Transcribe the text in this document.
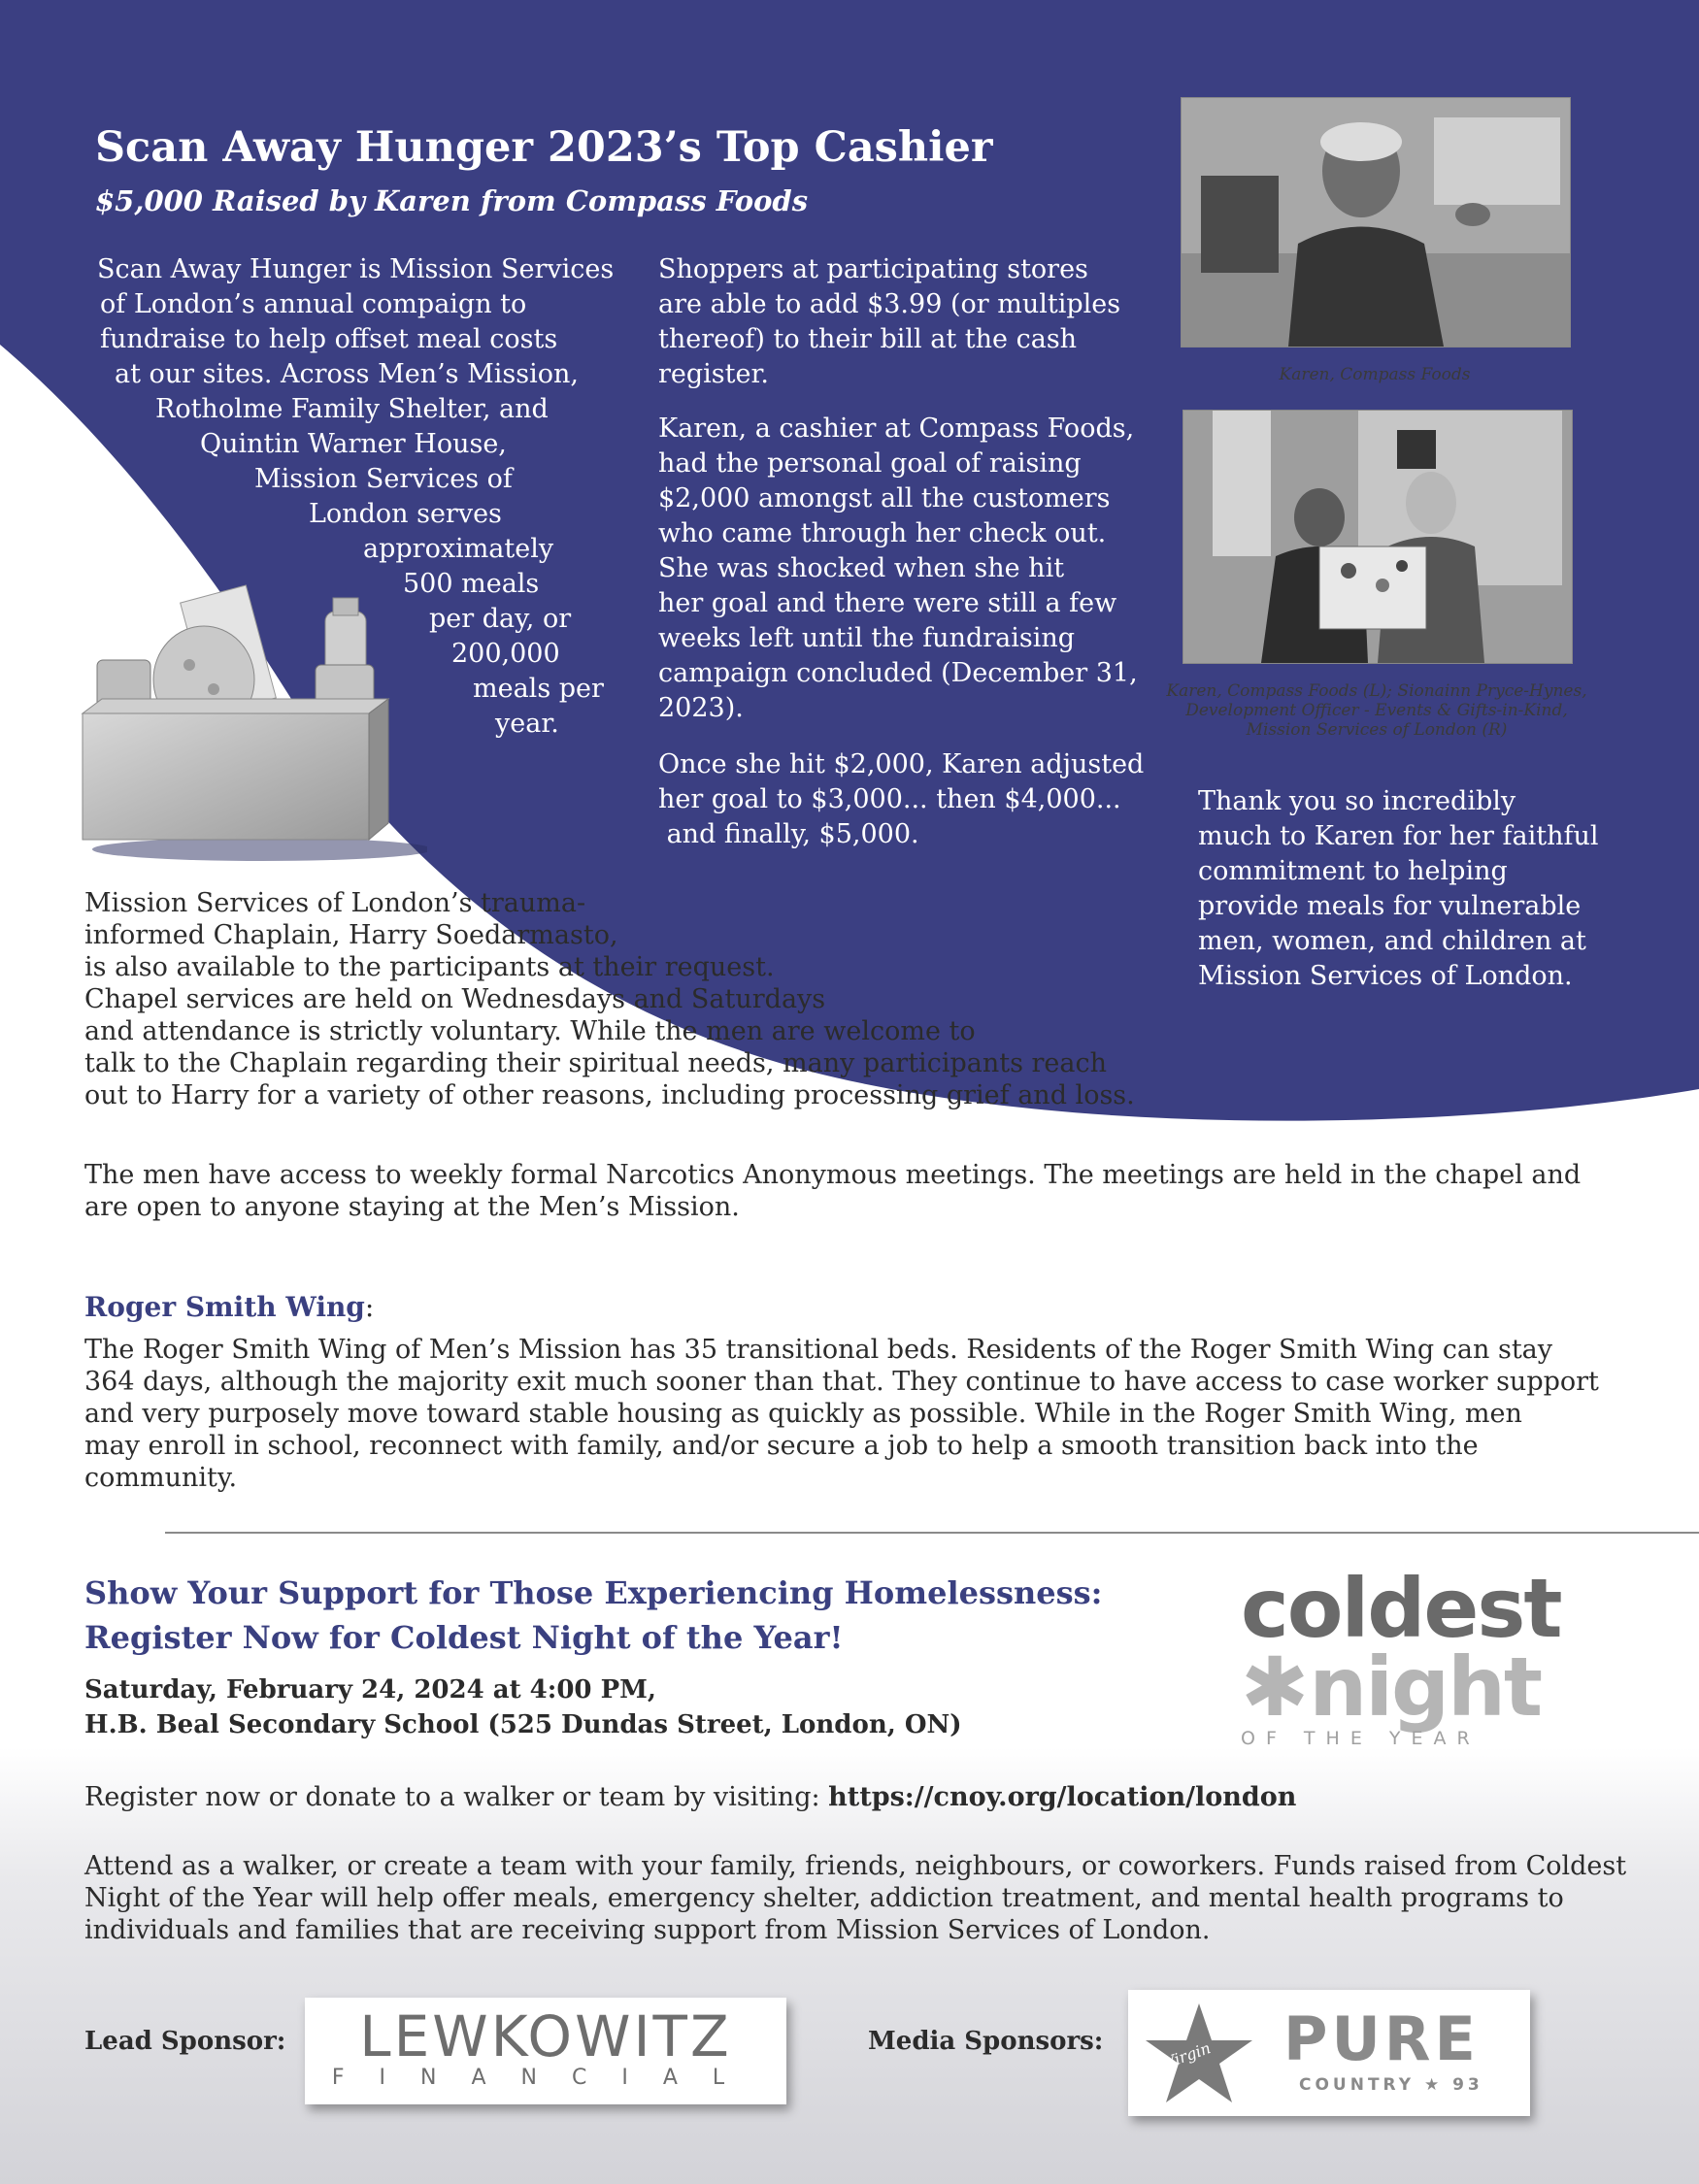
Scan Away Hunger 2023’s Top Cashier
$5,000 Raised by Karen from Compass Foods
Scan Away Hunger is Mission Services
of London’s annual compaign to
fundraise to help offset meal costs
at our sites. Across Men’s Mission,
Rotholme Family Shelter, and
Quintin Warner House,
Mission Services of
London serves
approximately
500 meals
per day, or
200,000
meals per
year.
Shoppers at participating stores
are able to add $3.99 (or multiples
thereof) to their bill at the cash
register.
Karen, a cashier at Compass Foods,
had the personal goal of raising
$2,000 amongst all the customers
who came through her check out.
She was shocked when she hit
her goal and there were still a few
weeks left until the fundraising
campaign concluded (December 31,
2023).
Once she hit $2,000, Karen adjusted
her goal to $3,000... then $4,000...
and finally, $5,000.
Karen, Compass Foods
Karen, Compass Foods (L); Sionainn Pryce-Hynes,
Development Officer - Events & Gifts-in-Kind,
Mission Services of London (R)
Thank you so incredibly
much to Karen for her faithful
commitment to helping
provide meals for vulnerable
men, women, and children at
Mission Services of London.
Mission Services of London’s trauma-
informed Chaplain, Harry Soedarmasto,
is also available to the participants at their request.
Chapel services are held on Wednesdays and Saturdays
and attendance is strictly voluntary. While the men are welcome to
talk to the Chaplain regarding their spiritual needs, many participants reach
out to Harry for a variety of other reasons, including processing grief and loss.
The men have access to weekly formal Narcotics Anonymous meetings. The meetings are held in the chapel and
are open to anyone staying at the Men’s Mission.
Roger Smith Wing:
The Roger Smith Wing of Men’s Mission has 35 transitional beds. Residents of the Roger Smith Wing can stay
364 days, although the majority exit much sooner than that. They continue to have access to case worker support
and very purposely move toward stable housing as quickly as possible. While in the Roger Smith Wing, men
may enroll in school, reconnect with family, and/or secure a job to help a smooth transition back into the
community.
Show Your Support for Those Experiencing Homelessness:
Register Now for Coldest Night of the Year!
Saturday, February 24, 2024 at 4:00 PM,
H.B. Beal Secondary School (525 Dundas Street, London, ON)
coldest
✱ night
OF THE YEAR
Register now or donate to a walker or team by visiting: https://cnoy.org/location/london
Attend as a walker, or create a team with your family, friends, neighbours, or coworkers. Funds raised from Coldest
Night of the Year will help offer meals, emergency shelter, addiction treatment, and mental health programs to
individuals and families that are receiving support from Mission Services of London.
Lead Sponsor:	LEWKOWITZ
FINANCIAL
Media Sponsors:	Virgin PURE
COUNTRY ★ 93
